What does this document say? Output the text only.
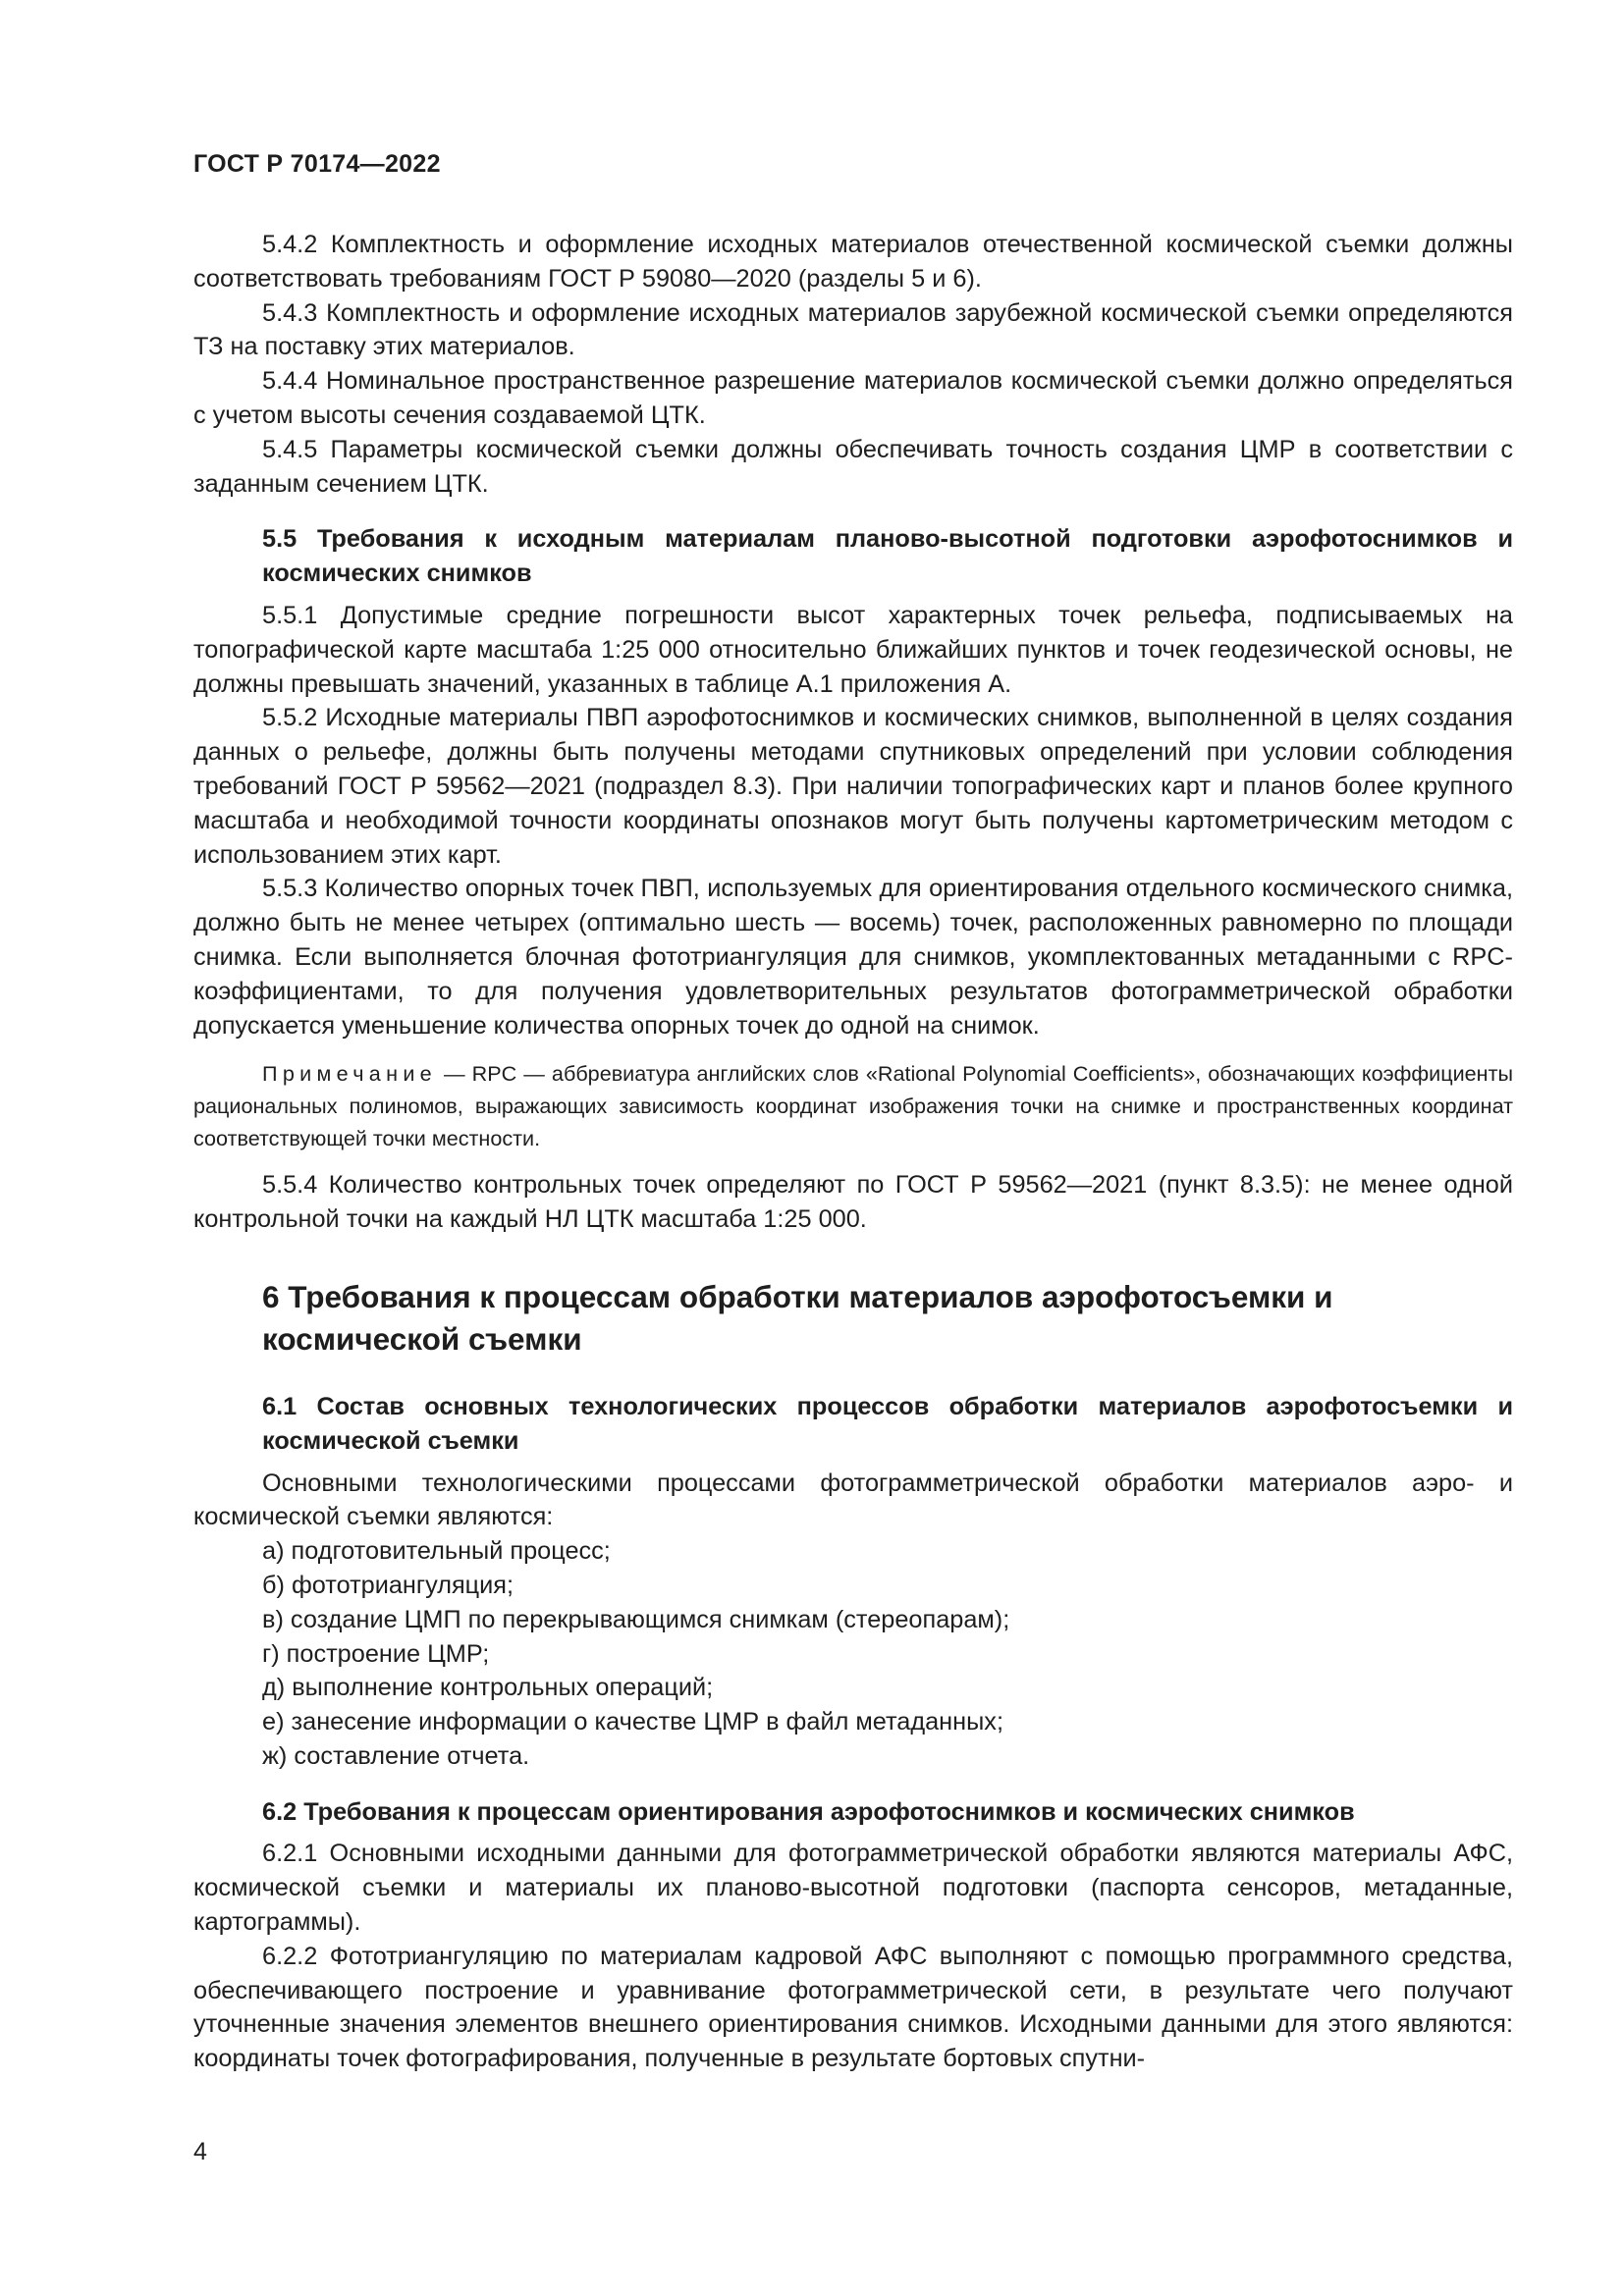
ГОСТ Р 70174—2022

5.4.2 Комплектность и оформление исходных материалов отечественной космической съемки должны соответствовать требованиям ГОСТ Р 59080—2020 (разделы 5 и 6).

5.4.3 Комплектность и оформление исходных материалов зарубежной космической съемки определяются ТЗ на поставку этих материалов.

5.4.4 Номинальное пространственное разрешение материалов космической съемки должно определяться с учетом высоты сечения создаваемой ЦТК.

5.4.5 Параметры космической съемки должны обеспечивать точность создания ЦМР в соответствии с заданным сечением ЦТК.

5.5 Требования к исходным материалам планово-высотной подготовки аэрофотоснимков и космических снимков

5.5.1 Допустимые средние погрешности высот характерных точек рельефа, подписываемых на топографической карте масштаба 1:25 000 относительно ближайших пунктов и точек геодезической основы, не должны превышать значений, указанных в таблице А.1 приложения А.

5.5.2 Исходные материалы ПВП аэрофотоснимков и космических снимков, выполненной в целях создания данных о рельефе, должны быть получены методами спутниковых определений при условии соблюдения требований ГОСТ Р 59562—2021 (подраздел 8.3). При наличии топографических карт и планов более крупного масштаба и необходимой точности координаты опознаков могут быть получены картометрическим методом с использованием этих карт.

5.5.3 Количество опорных точек ПВП, используемых для ориентирования отдельного космического снимка, должно быть не менее четырех (оптимально шесть — восемь) точек, расположенных равномерно по площади снимка. Если выполняется блочная фототриангуляция для снимков, укомплектованных метаданными с RPC-коэффициентами, то для получения удовлетворительных результатов фотограмметрической обработки допускается уменьшение количества опорных точек до одной на снимок.

Примечание — RPC — аббревиатура английских слов «Rational Polynomial Coefficients», обозначающих коэффициенты рациональных полиномов, выражающих зависимость координат изображения точки на снимке и пространственных координат соответствующей точки местности.

5.5.4 Количество контрольных точек определяют по ГОСТ Р 59562—2021 (пункт 8.3.5): не менее одной контрольной точки на каждый НЛ ЦТК масштаба 1:25 000.

6 Требования к процессам обработки материалов аэрофотосъемки и космической съемки
6.1 Состав основных технологических процессов обработки материалов аэрофотосъемки и космической съемки

Основными технологическими процессами фотограмметрической обработки материалов аэро- и космической съемки являются:

а) подготовительный процесс;

б) фототриангуляция;

в) создание ЦМП по перекрывающимся снимкам (стереопарам);

г) построение ЦМР;

д) выполнение контрольных операций;

е) занесение информации о качестве ЦМР в файл метаданных;

ж) составление отчета.

6.2 Требования к процессам ориентирования аэрофотоснимков и космических снимков

6.2.1 Основными исходными данными для фотограмметрической обработки являются материалы АФС, космической съемки и материалы их планово-высотной подготовки (паспорта сенсоров, метаданные, картограммы).

6.2.2 Фототриангуляцию по материалам кадровой АФС выполняют с помощью программного средства, обеспечивающего построение и уравнивание фотограмметрической сети, в результате чего получают уточненные значения элементов внешнего ориентирования снимков. Исходными данными для этого являются: координаты точек фотографирования, полученные в результате бортовых спутни-

4
